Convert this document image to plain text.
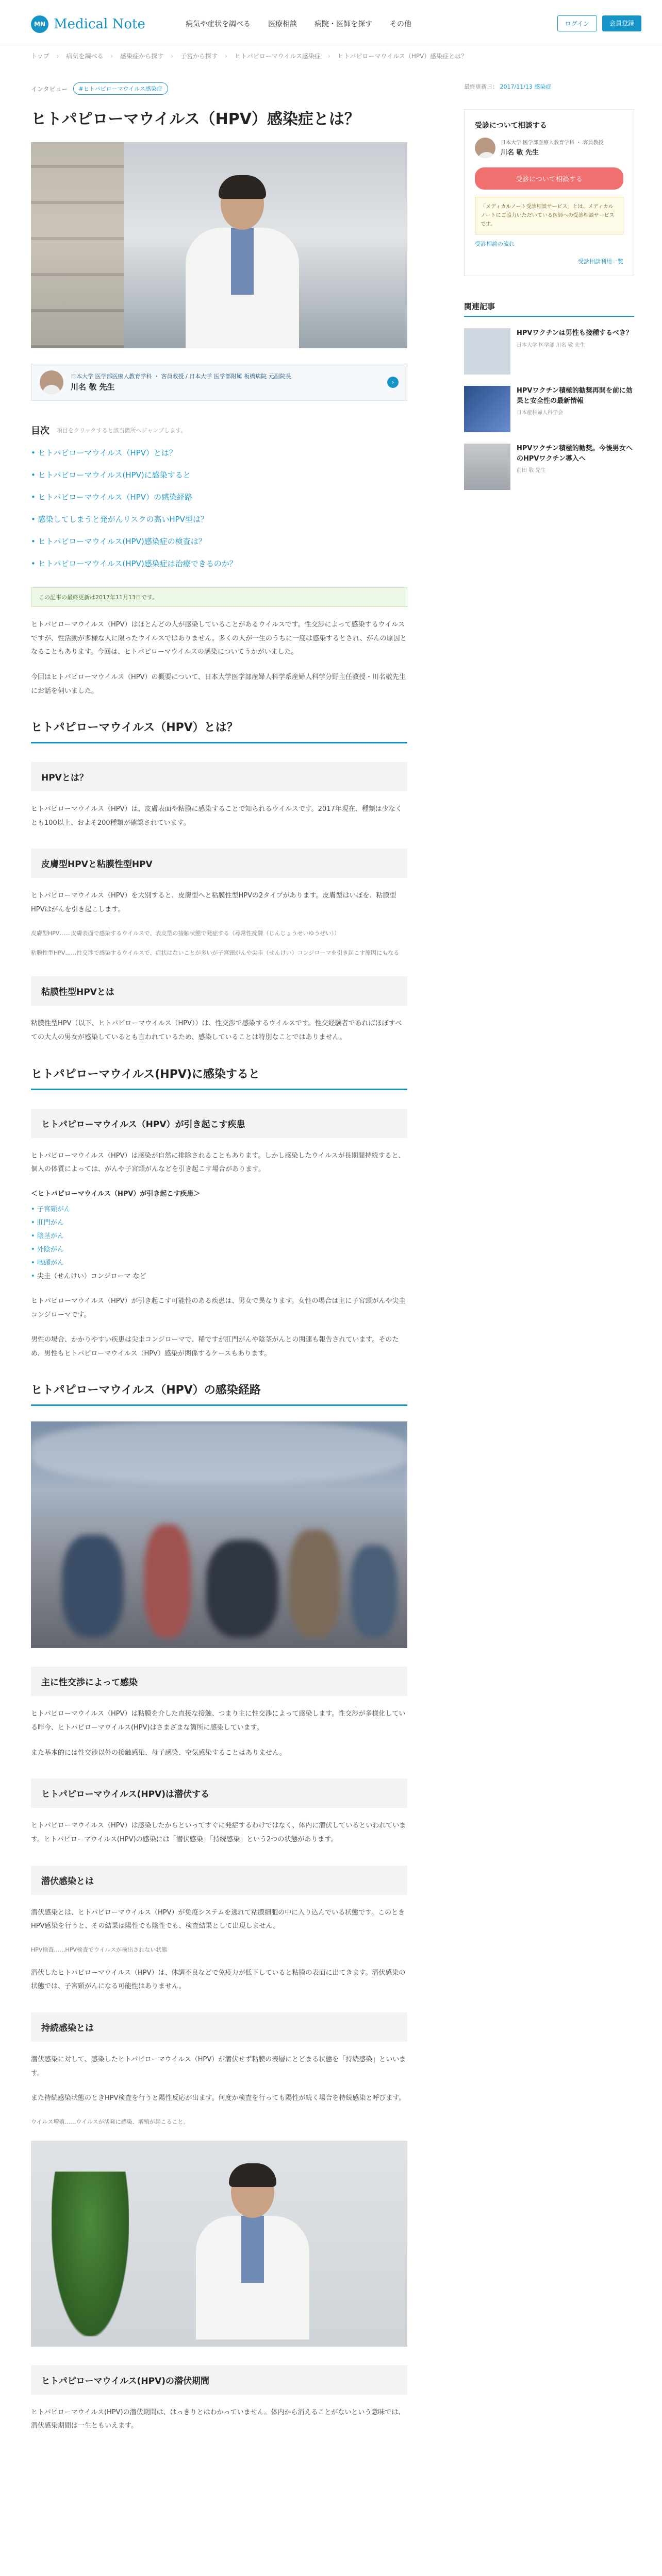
MN Medical Note	病気や症状を調べる 医療相談 病院・医師を探す その他	ログイン	会員登録
トップ	› 病気を調べる	› 感染症から探す	› 子宮から探す	› ヒトパピローマウイルス感染症	› ヒトパピローマウイルス（HPV）感染症とは？
インタビュー	#ヒトパピローマウイルス感染症
ヒトパピローマウイルス（HPV）感染症とは？
日本大学 医学部医療人教育学科 ・ 客員教授 / 日本大学 医学部附属 板橋病院 元副院長
川名 敬 先生
›
目次 項目をクリックすると該当箇所へジャンプします。
• ヒトパピローマウイルス（HPV）とは？
• ヒトパピローマウイルス(HPV)に感染すると
• ヒトパピローマウイルス（HPV）の感染経路
• 感染してしまうと発がんリスクの高いHPV型は？
• ヒトパピローマウイルス(HPV)感染症の検査は？
• ヒトパピローマウイルス(HPV)感染症は治療できるのか？
この記事の最終更新は2017年11月13日です。

ヒトパピローマウイルス（HPV）はほとんどの人が感染していることがあるウイルスです。性交渉によって感染するウイルスですが、性活動が多様な人に限ったウイルスではありません。多くの人が一生のうちに一度は感染するとされ、がんの原因となることもあります。今回は、ヒトパピローマウイルスの感染についてうかがいました。

今回はヒトパピローマウイルス（HPV）の概要について、日本大学医学部産婦人科学系産婦人科学分野主任教授・川名敬先生にお話を伺いました。

ヒトパピローマウイルス（HPV）とは？
HPVとは？

ヒトパピローマウイルス（HPV）は、皮膚表面や粘膜に感染することで知られるウイルスです。2017年現在、種類は少なくとも100以上、およそ200種類が確認されています。

皮膚型HPVと粘膜性型HPV

ヒトパピローマウイルス（HPV）を大別すると、皮膚型へと粘膜性型HPVの2タイプがあります。皮膚型はいぼを、粘膜型HPVはがんを引き起こします。

皮膚型HPV……皮膚表面で感染するウイルスで、表皮型の接触状態で発症する（尋常性疣贅（じんじょうせいゆうぜい））
粘膜性型HPV……性交渉で感染するウイルスで、症状はないことが多いが子宮頸がんや尖圭（せんけい）コンジローマを引き起こす原因にもなる
粘膜性型HPVとは

粘膜性型HPV（以下、ヒトパピローマウイルス（HPV））は、性交渉で感染するウイルスです。性交経験者であればほぼすべての大人の男女が感染しているとも言われているため、感染していることは特別なことではありません。

ヒトパピローマウイルス(HPV)に感染すると
ヒトパピローマウイルス（HPV）が引き起こす疾患

ヒトパピローマウイルス（HPV）は感染が自然に排除されることもあります。しかし感染したウイルスが長期間持続すると、個人の体質によっては、がんや子宮頸がんなどを引き起こす場合があります。

＜ヒトパピローマウイルス（HPV）が引き起こす疾患＞
• 子宮頸がん
• 肛門がん
• 陰茎がん
• 外陰がん
• 咽頭がん
• 尖圭（せんけい）コンジローマ など

ヒトパピローマウイルス（HPV）が引き起こす可能性のある疾患は、男女で異なります。女性の場合は主に子宮頸がんや尖圭コンジローマです。

男性の場合、かかりやすい疾患は尖圭コンジローマで、稀ですが肛門がんや陰茎がんとの関連も報告されています。そのため、男性もヒトパピローマウイルス（HPV）感染が関係するケースもあります。

ヒトパピローマウイルス（HPV）の感染経路
主に性交渉によって感染

ヒトパピローマウイルス（HPV）は粘膜を介した直接な接触、つまり主に性交渉によって感染します。性交渉が多様化している昨今、ヒトパピローマウイルス(HPV)はさまざまな箇所に感染しています。

また基本的には性交渉以外の接触感染、母子感染、空気感染することはありません。

ヒトパピローマウイルス(HPV)は潜伏する

ヒトパピローマウイルス（HPV）は感染したからといってすぐに発症するわけではなく、体内に潜伏しているといわれています。ヒトパピローマウイルス(HPV)の感染には「潜伏感染」「持続感染」という2つの状態があります。

潜伏感染とは

潜伏感染とは、ヒトパピローマウイルス（HPV）が免疫システムを逃れて粘膜細胞の中に入り込んでいる状態です。このときHPV感染を行うと、その結果は陽性でも陰性でも、検査結果として出現しません。

HPV検査……HPV検査でウイルスが検出されない状態

潜伏したヒトパピローマウイルス（HPV）は、体調不良などで免疫力が低下していると粘膜の表面に出てきます。潜伏感染の状態では、子宮頸がんになる可能性はありません。

持続感染とは

潜伏感染に対して、感染したヒトパピローマウイルス（HPV）が潜伏せず粘膜の表層にとどまる状態を「持続感染」といいます。

また持続感染状態のときHPV検査を行うと陽性反応が出ます。何度か検査を行っても陽性が続く場合を持続感染と呼びます。

ウイルス増殖……ウイルスが活発に感染、増殖が起こること。
ヒトパピローマウイルス(HPV)の潜伏期間

ヒトパピローマウイルス(HPV)の潜伏期間は、はっきりとはわかっていません。体内から消えることがないという意味では、潜伏感染期間は一生ともいえます。

最終更新日： 2017/11/13 感染症
受診について相談する
日本大学 医学部医療人教育学科 ・ 客員教授
川名 敬 先生
受診について相談する
「メディカルノート受診相談サービス」とは、メディカルノートにご協力いただいている医師への受診相談サービスです。
受診相談の流れ
受診相談利用一覧
関連記事
HPVワクチンは男性も接種するべき？
日本大学 医学部 川名 敬 先生
HPVワクチン積極的勧奨再開を前に効果と安全性の最新情報
日本産科婦人科学会
HPVワクチン積極的勧奨。今後男女へのHPVワクチン導入へ
前田 敬 先生
